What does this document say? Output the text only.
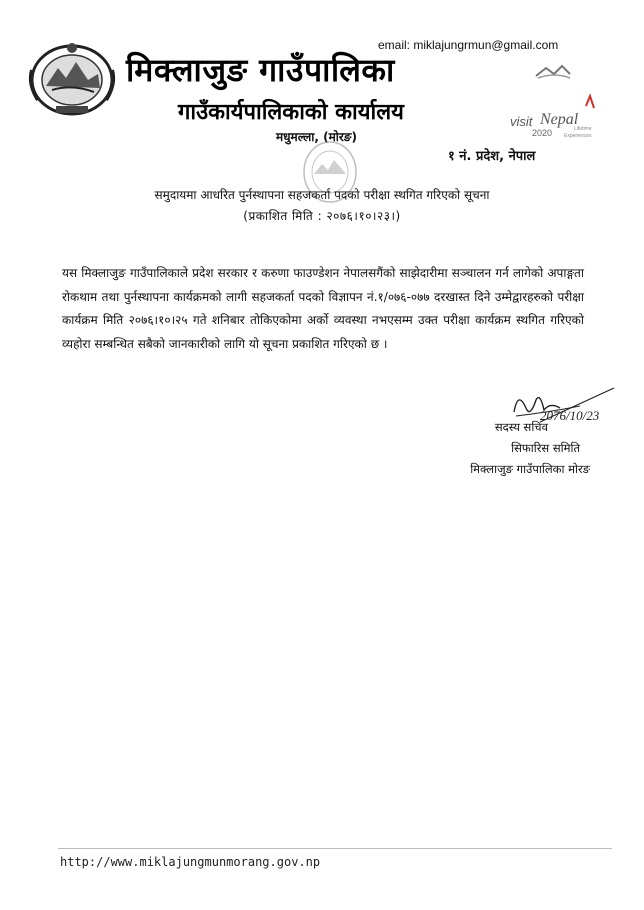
email: miklajungrmun@gmail.com
मिक्लाजुङ गाउँपालिका
गाउँकार्यपालिकाको कार्यालय
मधुमल्ला, (मोरङ)
१ नं. प्रदेश, नेपाल
visit Nepal
2020	Lifetime
Experiences
समुदायमा आधरित पुर्नस्थापना सहजकर्ता पदको परीक्षा स्थगित गरिएको सूचना
(प्रकाशित मिति : २०७६।१०।२३।)
यस मिक्लाजुङ गाउँपालिकाले प्रदेश सरकार र करुणा फाउण्डेशन नेपालसगैंको साझेदारीमा सञ्चालन गर्न लागेको अपाङ्गता रोकथाम तथा पुर्नस्थापना कार्यक्रमको लागी सहजकर्ता पदको विज्ञापन नं.१/०७६-०७७ दरखास्त दिने उम्मेद्वारहरुको परीक्षा कार्यक्रम मिति २०७६।१०।२५ गते शनिबार तोकिएकोमा अर्को व्यवस्था नभएसम्म उक्त परीक्षा कार्यक्रम स्थगित गरिएको व्यहोरा सम्बन्धित सबैको जानकारीको लागि यो सूचना प्रकाशित गरिएको छ ।
2076/10/23
सदस्य सचिव
सिफारिस समिति
मिक्लाजुङ गाउँपालिका मोरङ
http://www.miklajungmunmorang.gov.np
